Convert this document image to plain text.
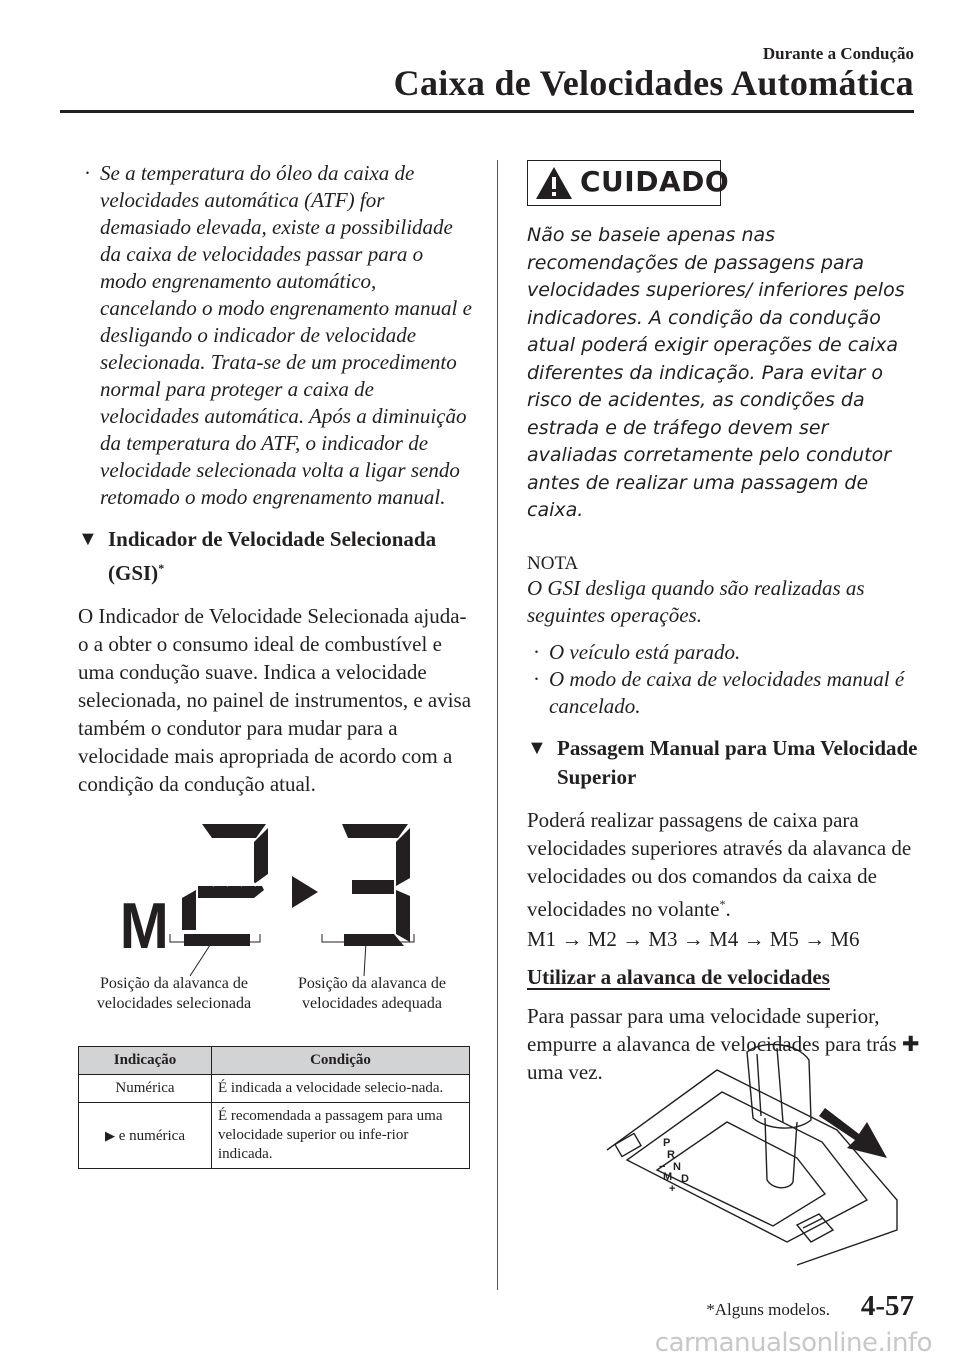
Durante a Condução
Caixa de Velocidades Automática

· Se a temperatura do óleo da caixa de velocidades automática (ATF) for demasiado elevada, existe a possibilidade da caixa de velocidades passar para o modo engrenamento automático, cancelando o modo engrenamento manual e desligando o indicador de velocidade selecionada. Trata-se de um procedimento normal para proteger a caixa de velocidades automática. Após a diminuição da temperatura do ATF, o indicador de velocidade selecionada volta a ligar sendo retomado o modo engrenamento manual.

▼ Indicador de Velocidade Selecionada (GSI)*

O Indicador de Velocidade Selecionada ajuda-o a obter o consumo ideal de combustível e uma condução suave. Indica a velocidade selecionada, no painel de instrumentos, e avisa também o condutor para mudar para a velocidade mais apropriada de acordo com a condição da condução atual.

M
Posição da alavanca de
velocidades selecionada
Posição da alavanca de
velocidades adequada
Indicação	Condição
Numérica	É indicada a velocidade selecio-nada.
▶ e numérica	É recomendada a passagem para uma velocidade superior ou infe-rior indicada.
CUIDADO

Não se baseie apenas nas recomendações de passagens para velocidades superiores/ inferiores pelos indicadores. A condição da condução atual poderá exigir operações de caixa diferentes da indicação. Para evitar o risco de acidentes, as condições da estrada e de tráfego devem ser avaliadas corretamente pelo condutor antes de realizar uma passagem de caixa.

NOTA

O GSI desliga quando são realizadas as seguintes operações.

· O veículo está parado.

· O modo de caixa de velocidades manual é cancelado.

▼ Passagem Manual para Uma Velocidade Superior

Poderá realizar passagens de caixa para velocidades superiores através da alavanca de velocidades ou dos comandos da caixa de velocidades no volante*.

M1 → M2 → M3 → M4 → M5 → M6

Utilizar a alavanca de velocidades

Para passar para uma velocidade superior, empurre a alavanca de velocidades para trás ✚ uma vez.

P
R
N
D
M
−
+
*Alguns modelos. 4-57
carmanualsonline.info
